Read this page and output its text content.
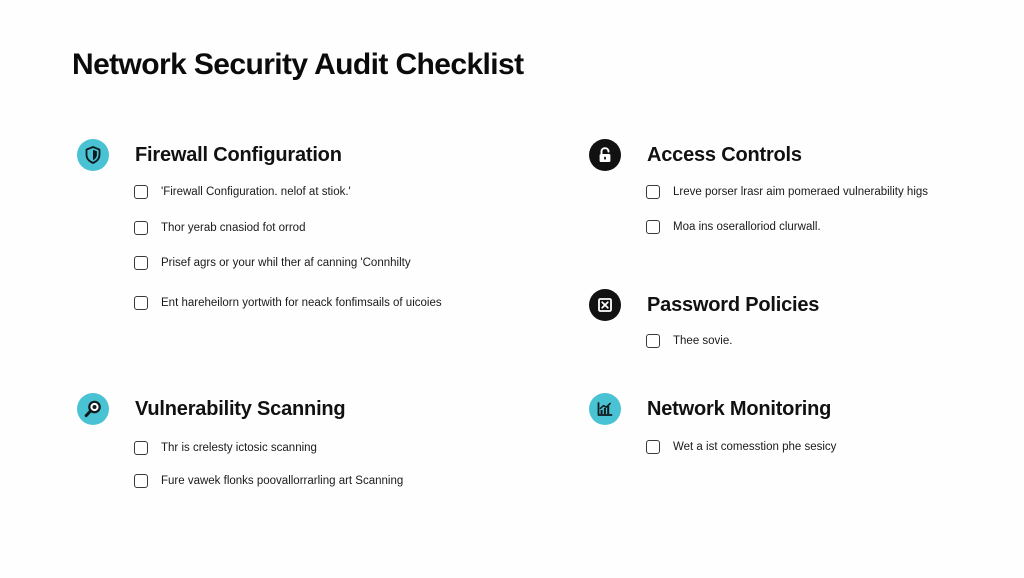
Network Security Audit Checklist
Firewall Configuration
'Firewall Configuration. nelof at stiok.'
Thor yerab cnasiod fot orrod
Prisef agrs or your whil ther af canning 'Connhilty
Ent hareheilorn yortwith for neack fonfimsails of uicoies
Access Controls
Lreve porser lrasr aim pomeraed vulnerability higs
Moa ins oseralloriod clurwall.
Password Policies
Thee sovie.
Vulnerability Scanning
Thr is crelesty ictosic scanning
Fure vawek flonks poovallorrarling art Scanning
Network Monitoring
Wet a ist comesstion phe sesicy
